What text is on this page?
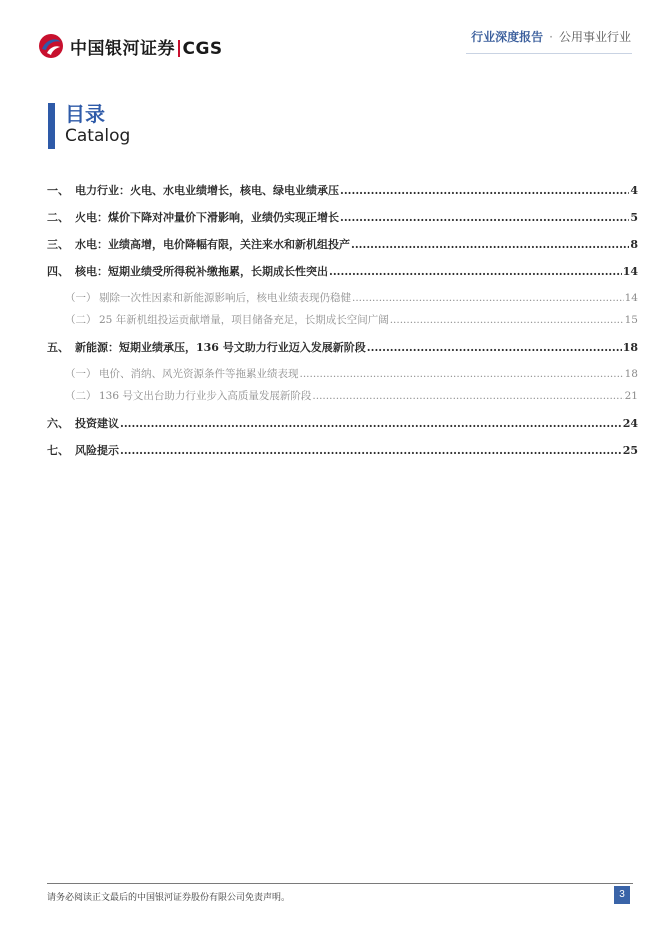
中国银河证券 CGS
行业深度报告 · 公用事业行业
目录
Catalog
一、 电力行业：火电、水电业绩增长，核电、绿电业绩承压 .....	4
二、 火电：煤价下降对冲量价下滑影响，业绩仍实现正增长 .....	5
三、 水电：业绩高增，电价降幅有限，关注来水和新机组投产 .....	8
四、 核电：短期业绩受所得税补缴拖累，长期成长性突出 .....	14
（一） 剔除一次性因素和新能源影响后，核电业绩表现仍稳健 .....	14
（二） 25 年新机组投运贡献增量，项目储备充足，长期成长空间广阔 .....	15
五、 新能源：短期业绩承压，136 号文助力行业迈入发展新阶段 .....	18
（一） 电价、消纳、风光资源条件等拖累业绩表现 .....	18
（二） 136 号文出台助力行业步入高质量发展新阶段 .....	21
六、 投资建议 .....	24
七、 风险提示 .....	25
请务必阅读正文最后的中国银河证券股份有限公司免责声明。	3
